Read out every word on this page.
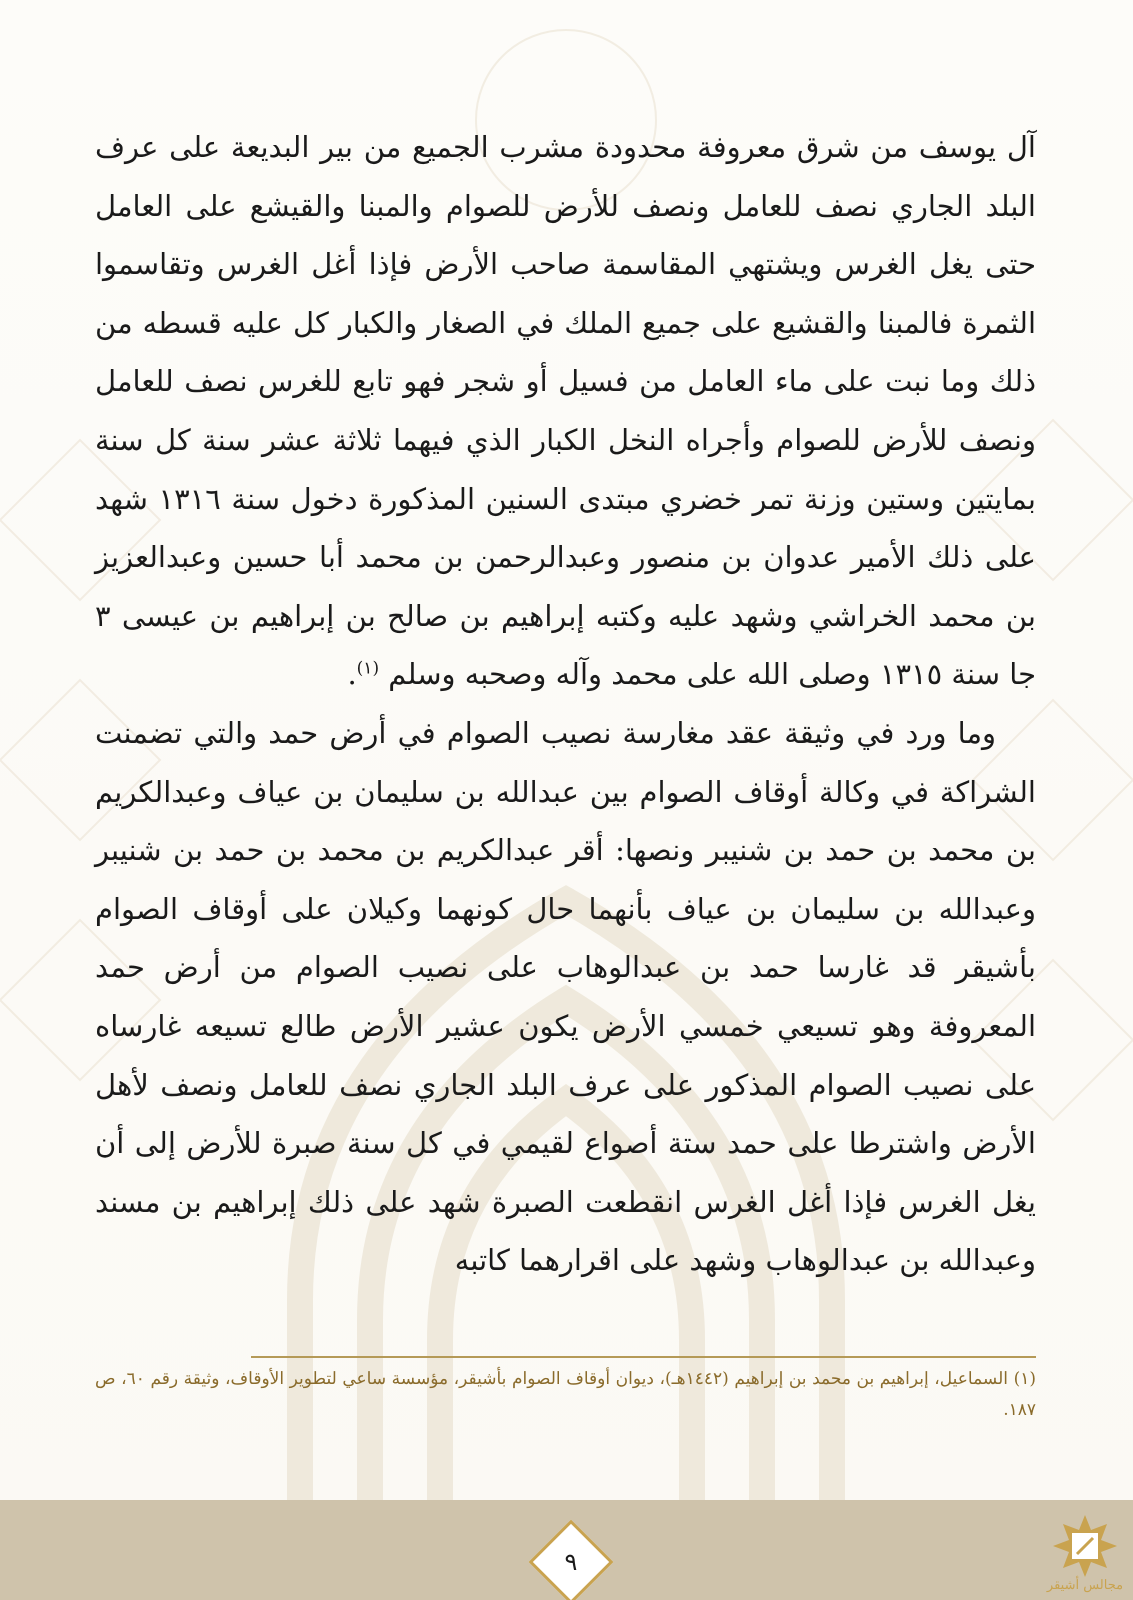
آل يوسف من شرق معروفة محدودة مشرب الجميع من بير البديعة على عرف البلد الجاري نصف للعامل ونصف للأرض للصوام والمبنا والقيشع على العامل حتى يغل الغرس ويشتهي المقاسمة صاحب الأرض فإذا أغل الغرس وتقاسموا الثمرة فالمبنا والقشيع على جميع الملك في الصغار والكبار كل عليه قسطه من ذلك وما نبت على ماء العامل من فسيل أو شجر فهو تابع للغرس نصف للعامل ونصف للأرض للصوام وأجراه النخل الكبار الذي فيهما ثلاثة عشر سنة كل سنة بمايتين وستين وزنة تمر خضري مبتدى السنين المذكورة دخول سنة ١٣١٦ شهد على ذلك الأمير عدوان بن منصور وعبدالرحمن بن محمد أبا حسين وعبدالعزيز بن محمد الخراشي وشهد عليه وكتبه إبراهيم بن صالح بن إبراهيم بن عيسى ٣ جا سنة ١٣١٥ وصلى الله على محمد وآله وصحبه وسلم $^{(١)}$.

وما ورد في وثيقة عقد مغارسة نصيب الصوام في أرض حمد والتي تضمنت الشراكة في وكالة أوقاف الصوام بين عبدالله بن سليمان بن عياف وعبدالكريم بن محمد بن حمد بن شنيبر ونصها: أقر عبدالكريم بن محمد بن حمد بن شنيبر وعبدالله بن سليمان بن عياف بأنهما حال كونهما وكيلان على أوقاف الصوام بأشيقر قد غارسا حمد بن عبدالوهاب على نصيب الصوام من أرض حمد المعروفة وهو تسيعي خمسي الأرض يكون عشير الأرض طالع تسيعه غارساه على نصيب الصوام المذكور على عرف البلد الجاري نصف للعامل ونصف لأهل الأرض واشترطا على حمد ستة أصواع لقيمي في كل سنة صبرة للأرض إلى أن يغل الغرس فإذا أغل الغرس انقطعت الصبرة شهد على ذلك إبراهيم بن مسند وعبدالله بن عبدالوهاب وشهد على اقرارهما كاتبه

(١) السماعيل، إبراهيم بن محمد بن إبراهيم (١٤٤٢هـ)، ديوان أوقاف الصوام بأشيقر، مؤسسة ساعي لتطوير الأوقاف، وثيقة رقم ٦٠، ص ١٨٧.
٩
مجالس أشيقر
